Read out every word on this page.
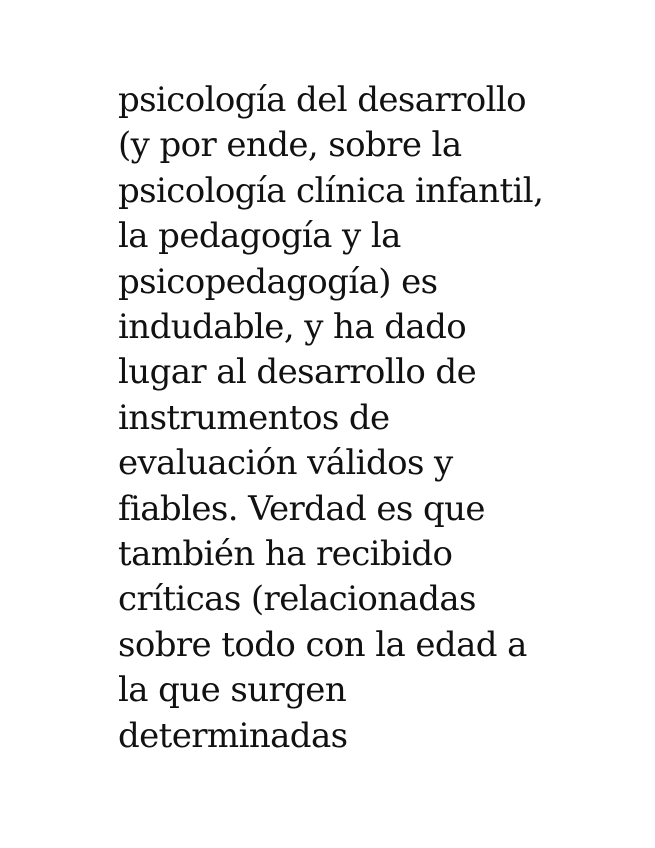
psicología del desarrollo
(y por ende, sobre la
psicología clínica infantil,
la pedagogía y la
psicopedagogía) es
indudable, y ha dado
lugar al desarrollo de
instrumentos de
evaluación válidos y
fiables. Verdad es que
también ha recibido
críticas (relacionadas
sobre todo con la edad a
la que surgen
determinadas
